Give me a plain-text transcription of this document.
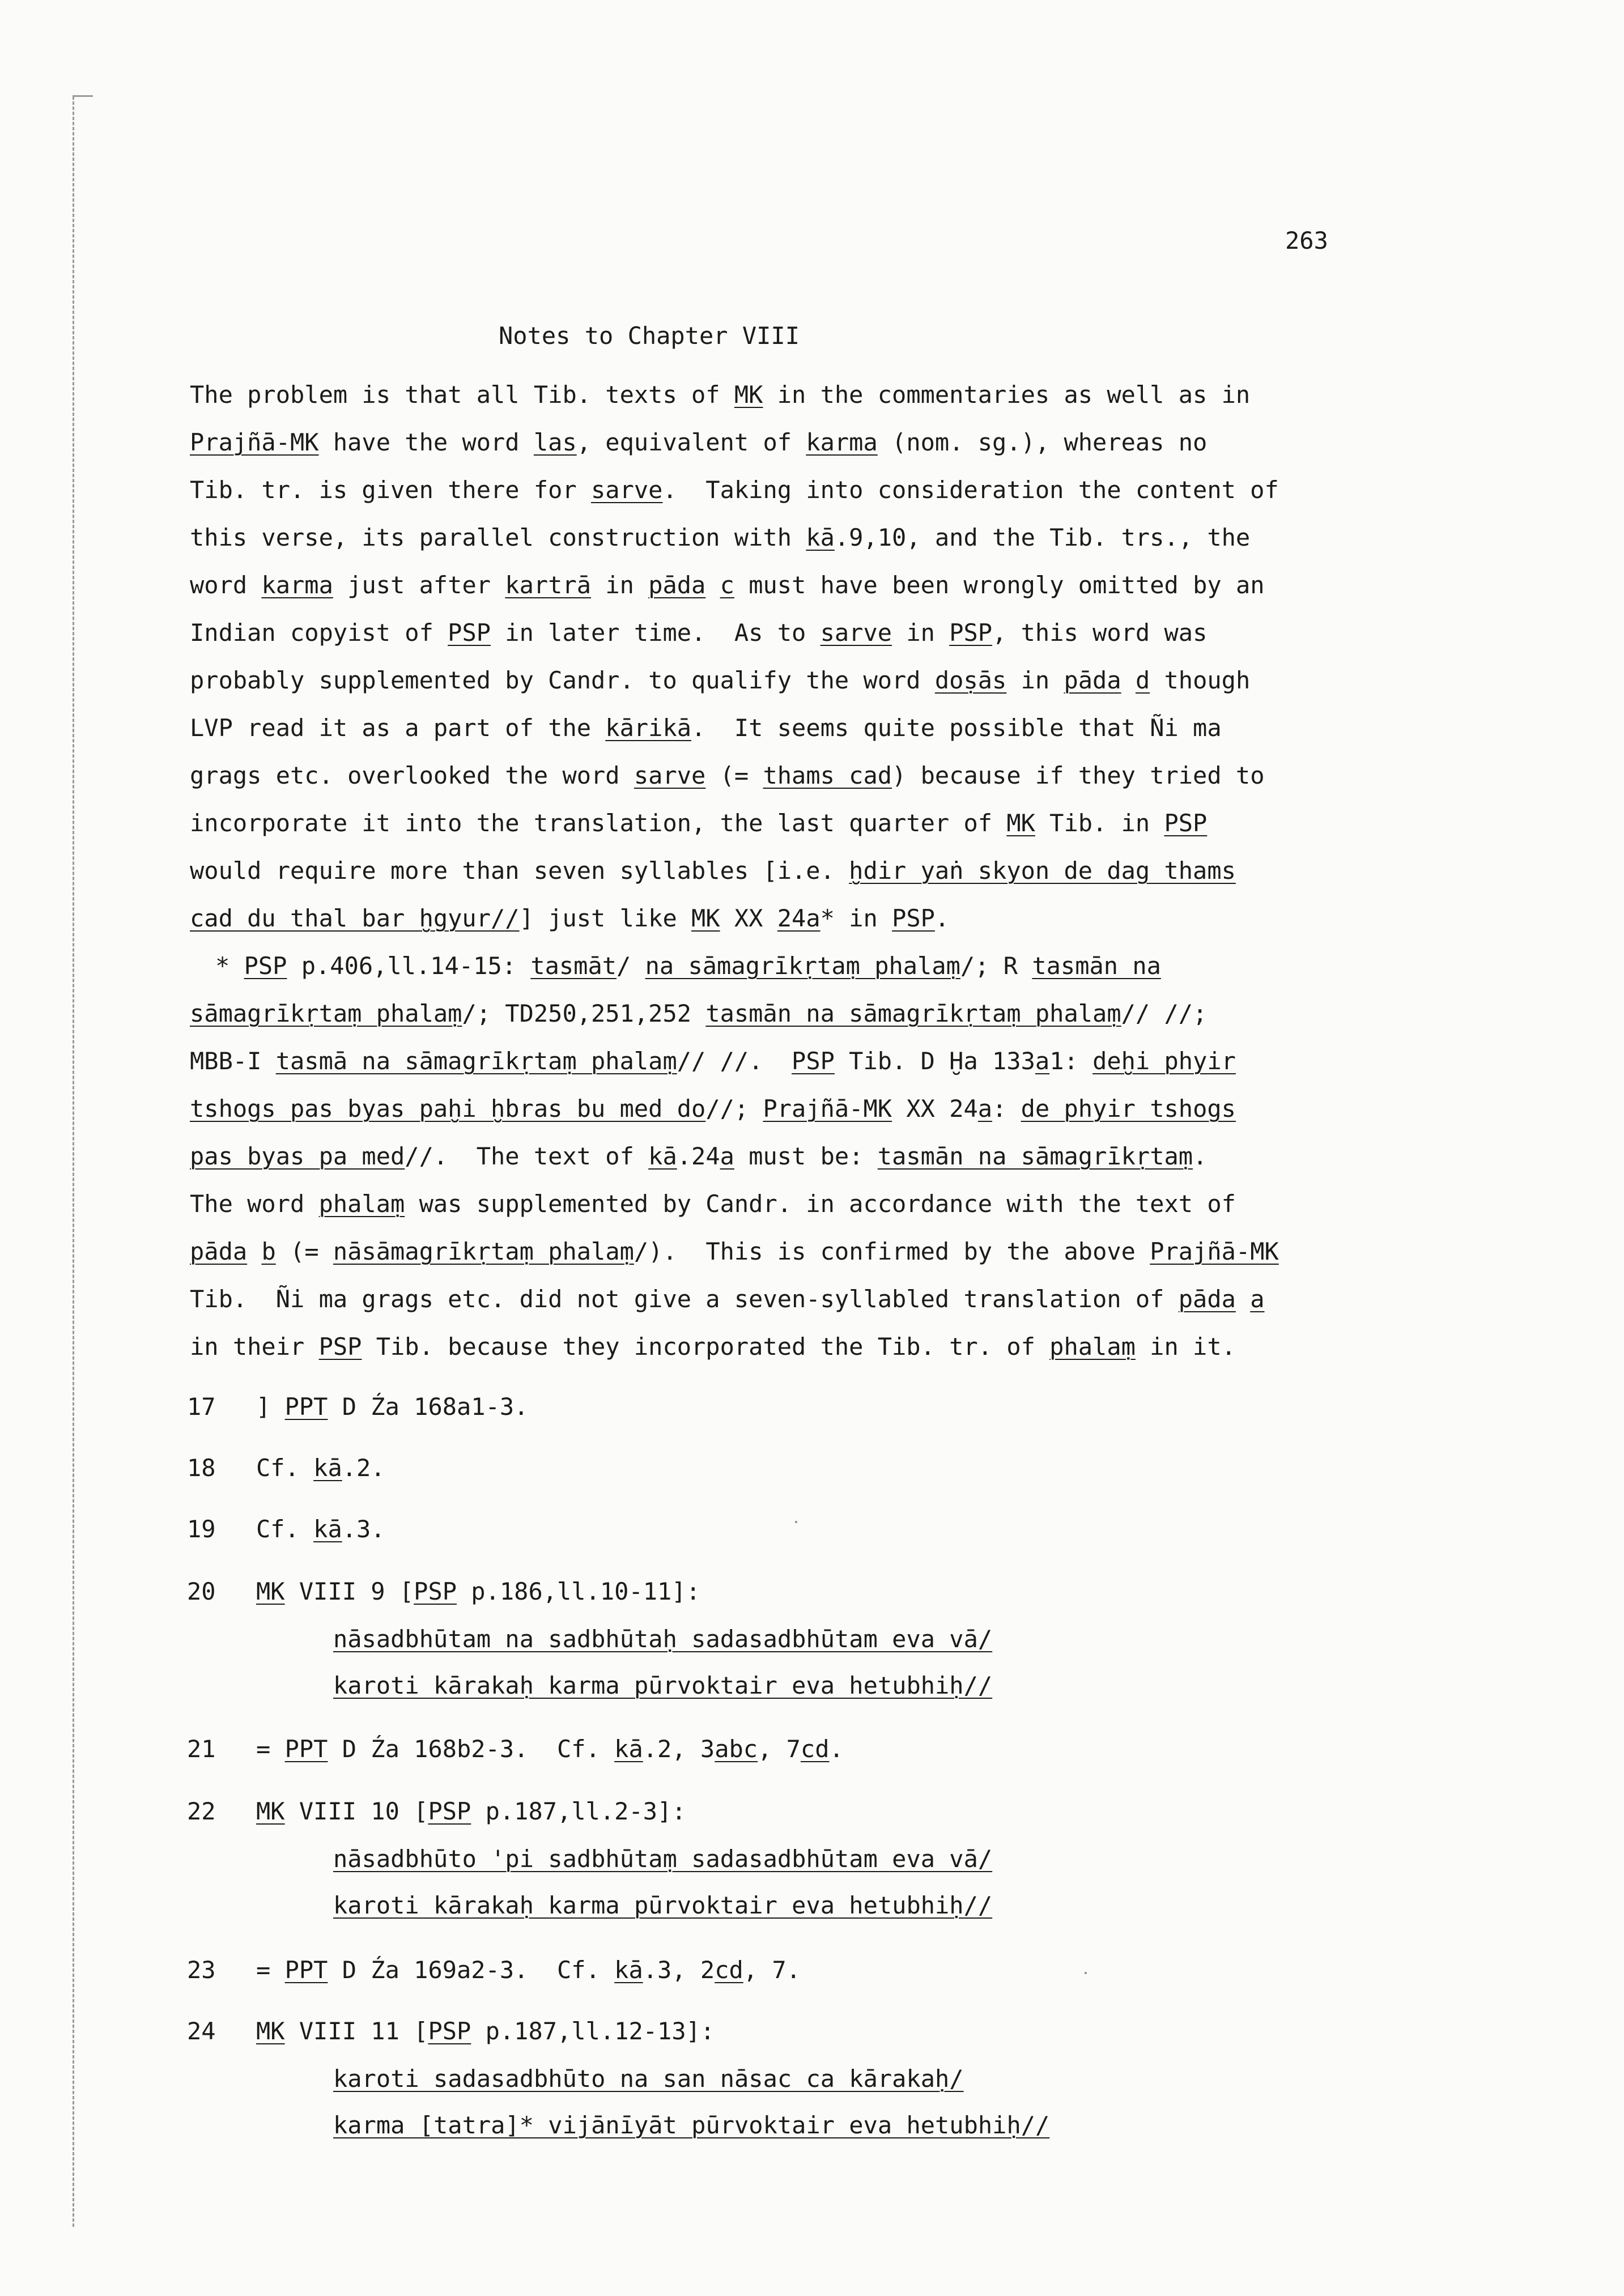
263
Notes to Chapter VIII
The problem is that all Tib. texts of MK in the commentaries as well as in
Prajñā-MK have the word las, equivalent of karma (nom. sg.), whereas no
Tib. tr. is given there for sarve.  Taking into consideration the content of
this verse, its parallel construction with kā.9,10, and the Tib. trs., the
word karma just after kartrā in pāda c must have been wrongly omitted by an
Indian copyist of PSP in later time.  As to sarve in PSP, this word was
probably supplemented by Candr. to qualify the word doṣās in pāda d though
LVP read it as a part of the kārikā.  It seems quite possible that Ñi ma
grags etc. overlooked the word sarve (= thams cad) because if they tried to
incorporate it into the translation, the last quarter of MK Tib. in PSP
would require more than seven syllables [i.e. ḫdir yaṅ skyon de dag thams
cad du thal bar ḫgyur//] just like MK XX 24a* in PSP.
* PSP p.406,ll.14-15: tasmāt/ na sāmagrīkṛtaṃ phalaṃ/; R tasmān na
sāmagrīkṛtaṃ phalaṃ/; TD250,251,252 tasmān na sāmagrīkṛtaṃ phalaṃ// //;
MBB-I tasmā na sāmagrīkṛtaṃ phalaṃ// //.  PSP Tib. D Ḫa 133a1: deḫi phyir
tshogs pas byas paḫi ḫbras bu med do//; Prajñā-MK XX 24a: de phyir tshogs
pas byas pa med//.  The text of kā.24a must be: tasmān na sāmagrīkṛtaṃ.
The word phalaṃ was supplemented by Candr. in accordance with the text of
pāda b (= nāsāmagrīkṛtaṃ phalaṃ/).  This is confirmed by the above Prajñā-MK
Tib.  Ñi ma grags etc. did not give a seven-syllabled translation of pāda a
in their PSP Tib. because they incorporated the Tib. tr. of phalaṃ in it.
17 ] PPT D Źa 168a1-3.
18 Cf. kā.2.
19 Cf. kā.3.
20 MK VIII 9 [PSP p.186,ll.10-11]:
nāsadbhūtam na sadbhūtaḥ sadasadbhūtam eva vā/
karoti kārakaḥ karma pūrvoktair eva hetubhiḥ//
21 = PPT D Źa 168b2-3.  Cf. kā.2, 3abc, 7cd.
22 MK VIII 10 [PSP p.187,ll.2-3]:
nāsadbhūto 'pi sadbhūtaṃ sadasadbhūtam eva vā/
karoti kārakaḥ karma pūrvoktair eva hetubhiḥ//
23 = PPT D Źa 169a2-3.  Cf. kā.3, 2cd, 7.
24 MK VIII 11 [PSP p.187,ll.12-13]:
karoti sadasadbhūto na san nāsac ca kārakaḥ/
karma [tatra]* vijānīyāt pūrvoktair eva hetubhiḥ//
